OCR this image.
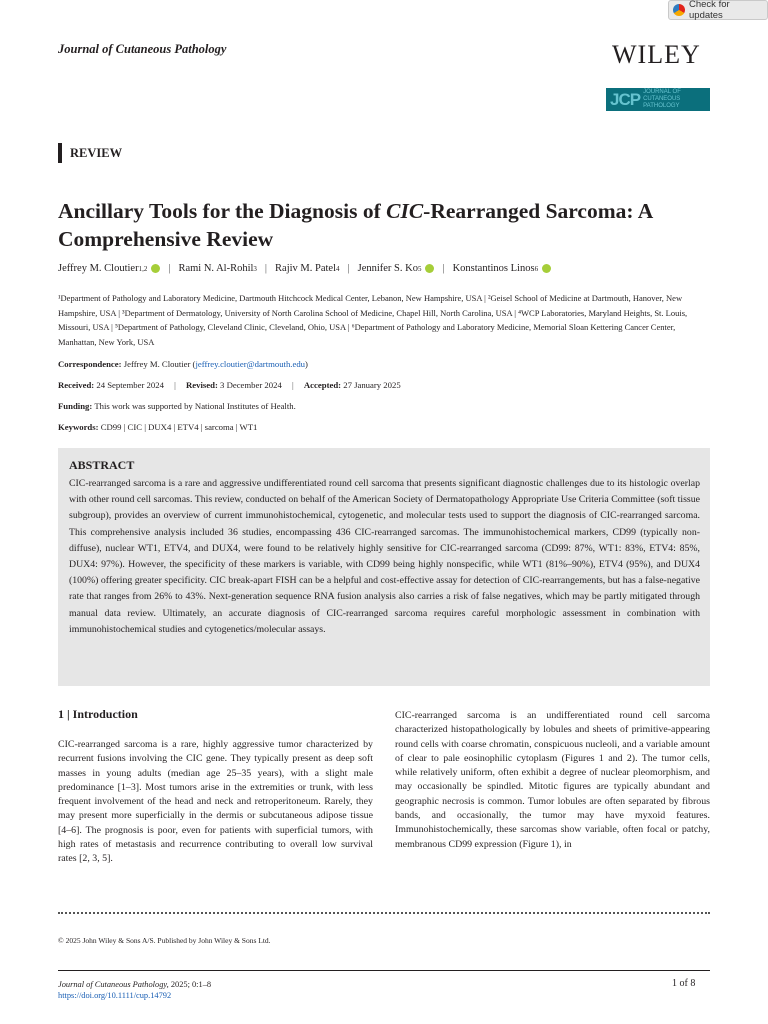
Check for updates
Journal of Cutaneous Pathology	WILEY
JCP JOURNAL OF
CUTANEOUS PATHOLOGY
REVIEW
Ancillary Tools for the Diagnosis of CIC-Rearranged Sarcoma: A Comprehensive Review
Jeffrey M. Cloutier 1,2 | Rami N. Al-Rohil 3 | Rajiv M. Patel 4 | Jennifer S. Ko 5 | Konstantinos Linos 6
¹Department of Pathology and Laboratory Medicine, Dartmouth Hitchcock Medical Center, Lebanon, New Hampshire, USA | ²Geisel School of Medicine at Dartmouth, Hanover, New Hampshire, USA | ³Department of Dermatology, University of North Carolina School of Medicine, Chapel Hill, North Carolina, USA | ⁴WCP Laboratories, Maryland Heights, St. Louis, Missouri, USA | ⁵Department of Pathology, Cleveland Clinic, Cleveland, Ohio, USA | ⁶Department of Pathology and Laboratory Medicine, Memorial Sloan Kettering Cancer Center, Manhattan, New York, USA
Correspondence: Jeffrey M. Cloutier (jeffrey.cloutier@dartmouth.edu)
Received: 24 September 2024 | Revised: 3 December 2024 | Accepted: 27 January 2025
Funding: This work was supported by National Institutes of Health.
Keywords: CD99 | CIC | DUX4 | ETV4 | sarcoma | WT1
ABSTRACT
CIC-rearranged sarcoma is a rare and aggressive undifferentiated round cell sarcoma that presents significant diagnostic challenges due to its histologic overlap with other round cell sarcomas. This review, conducted on behalf of the American Society of Dermatopathology Appropriate Use Criteria Committee (soft tissue subgroup), provides an overview of current immunohistochemical, cytogenetic, and molecular tests used to support the diagnosis of CIC-rearranged sarcoma. This comprehensive analysis included 36 studies, encompassing 436 CIC-rearranged sarcomas. The immunohistochemical markers, CD99 (typically non-diffuse), nuclear WT1, ETV4, and DUX4, were found to be relatively highly sensitive for CIC-rearranged sarcoma (CD99: 87%, WT1: 83%, ETV4: 85%, DUX4: 97%). However, the specificity of these markers is variable, with CD99 being highly nonspecific, while WT1 (81%–90%), ETV4 (95%), and DUX4 (100%) offering greater specificity. CIC break-apart FISH can be a helpful and cost-effective assay for detection of CIC-rearrangements, but has a false-negative rate that ranges from 26% to 43%. Next-generation sequence RNA fusion analysis also carries a risk of false negatives, which may be partly mitigated through manual data review. Ultimately, an accurate diagnosis of CIC-rearranged sarcoma requires careful morphologic assessment in combination with immunohistochemical studies and cytogenetics/molecular assays.
1 | Introduction
CIC-rearranged sarcoma is a rare, highly aggressive tumor characterized by recurrent fusions involving the CIC gene. They typically present as deep soft masses in young adults (median age 25–35 years), with a slight male predominance [1–3]. Most tumors arise in the extremities or trunk, with less frequent involvement of the head and neck and retroperitoneum. Rarely, they may present more superficially in the dermis or subcutaneous adipose tissue [4–6]. The prognosis is poor, even for patients with superficial tumors, with high rates of metastasis and recurrence contributing to overall low survival rates [2, 3, 5].
CIC-rearranged sarcoma is an undifferentiated round cell sarcoma characterized histopathologically by lobules and sheets of primitive-appearing round cells with coarse chromatin, conspicuous nucleoli, and a variable amount of clear to pale eosinophilic cytoplasm (Figures 1 and 2). The tumor cells, while relatively uniform, often exhibit a degree of nuclear pleomorphism, and may occasionally be spindled. Mitotic figures are typically abundant and geographic necrosis is common. Tumor lobules are often separated by fibrous bands, and occasionally, the tumor may have myxoid features. Immunohistochemically, these sarcomas show variable, often focal or patchy, membranous CD99 expression (Figure 1), in
© 2025 John Wiley & Sons A/S. Published by John Wiley & Sons Ltd.
Journal of Cutaneous Pathology, 2025; 0:1–8
https://doi.org/10.1111/cup.14792
1 of 8
